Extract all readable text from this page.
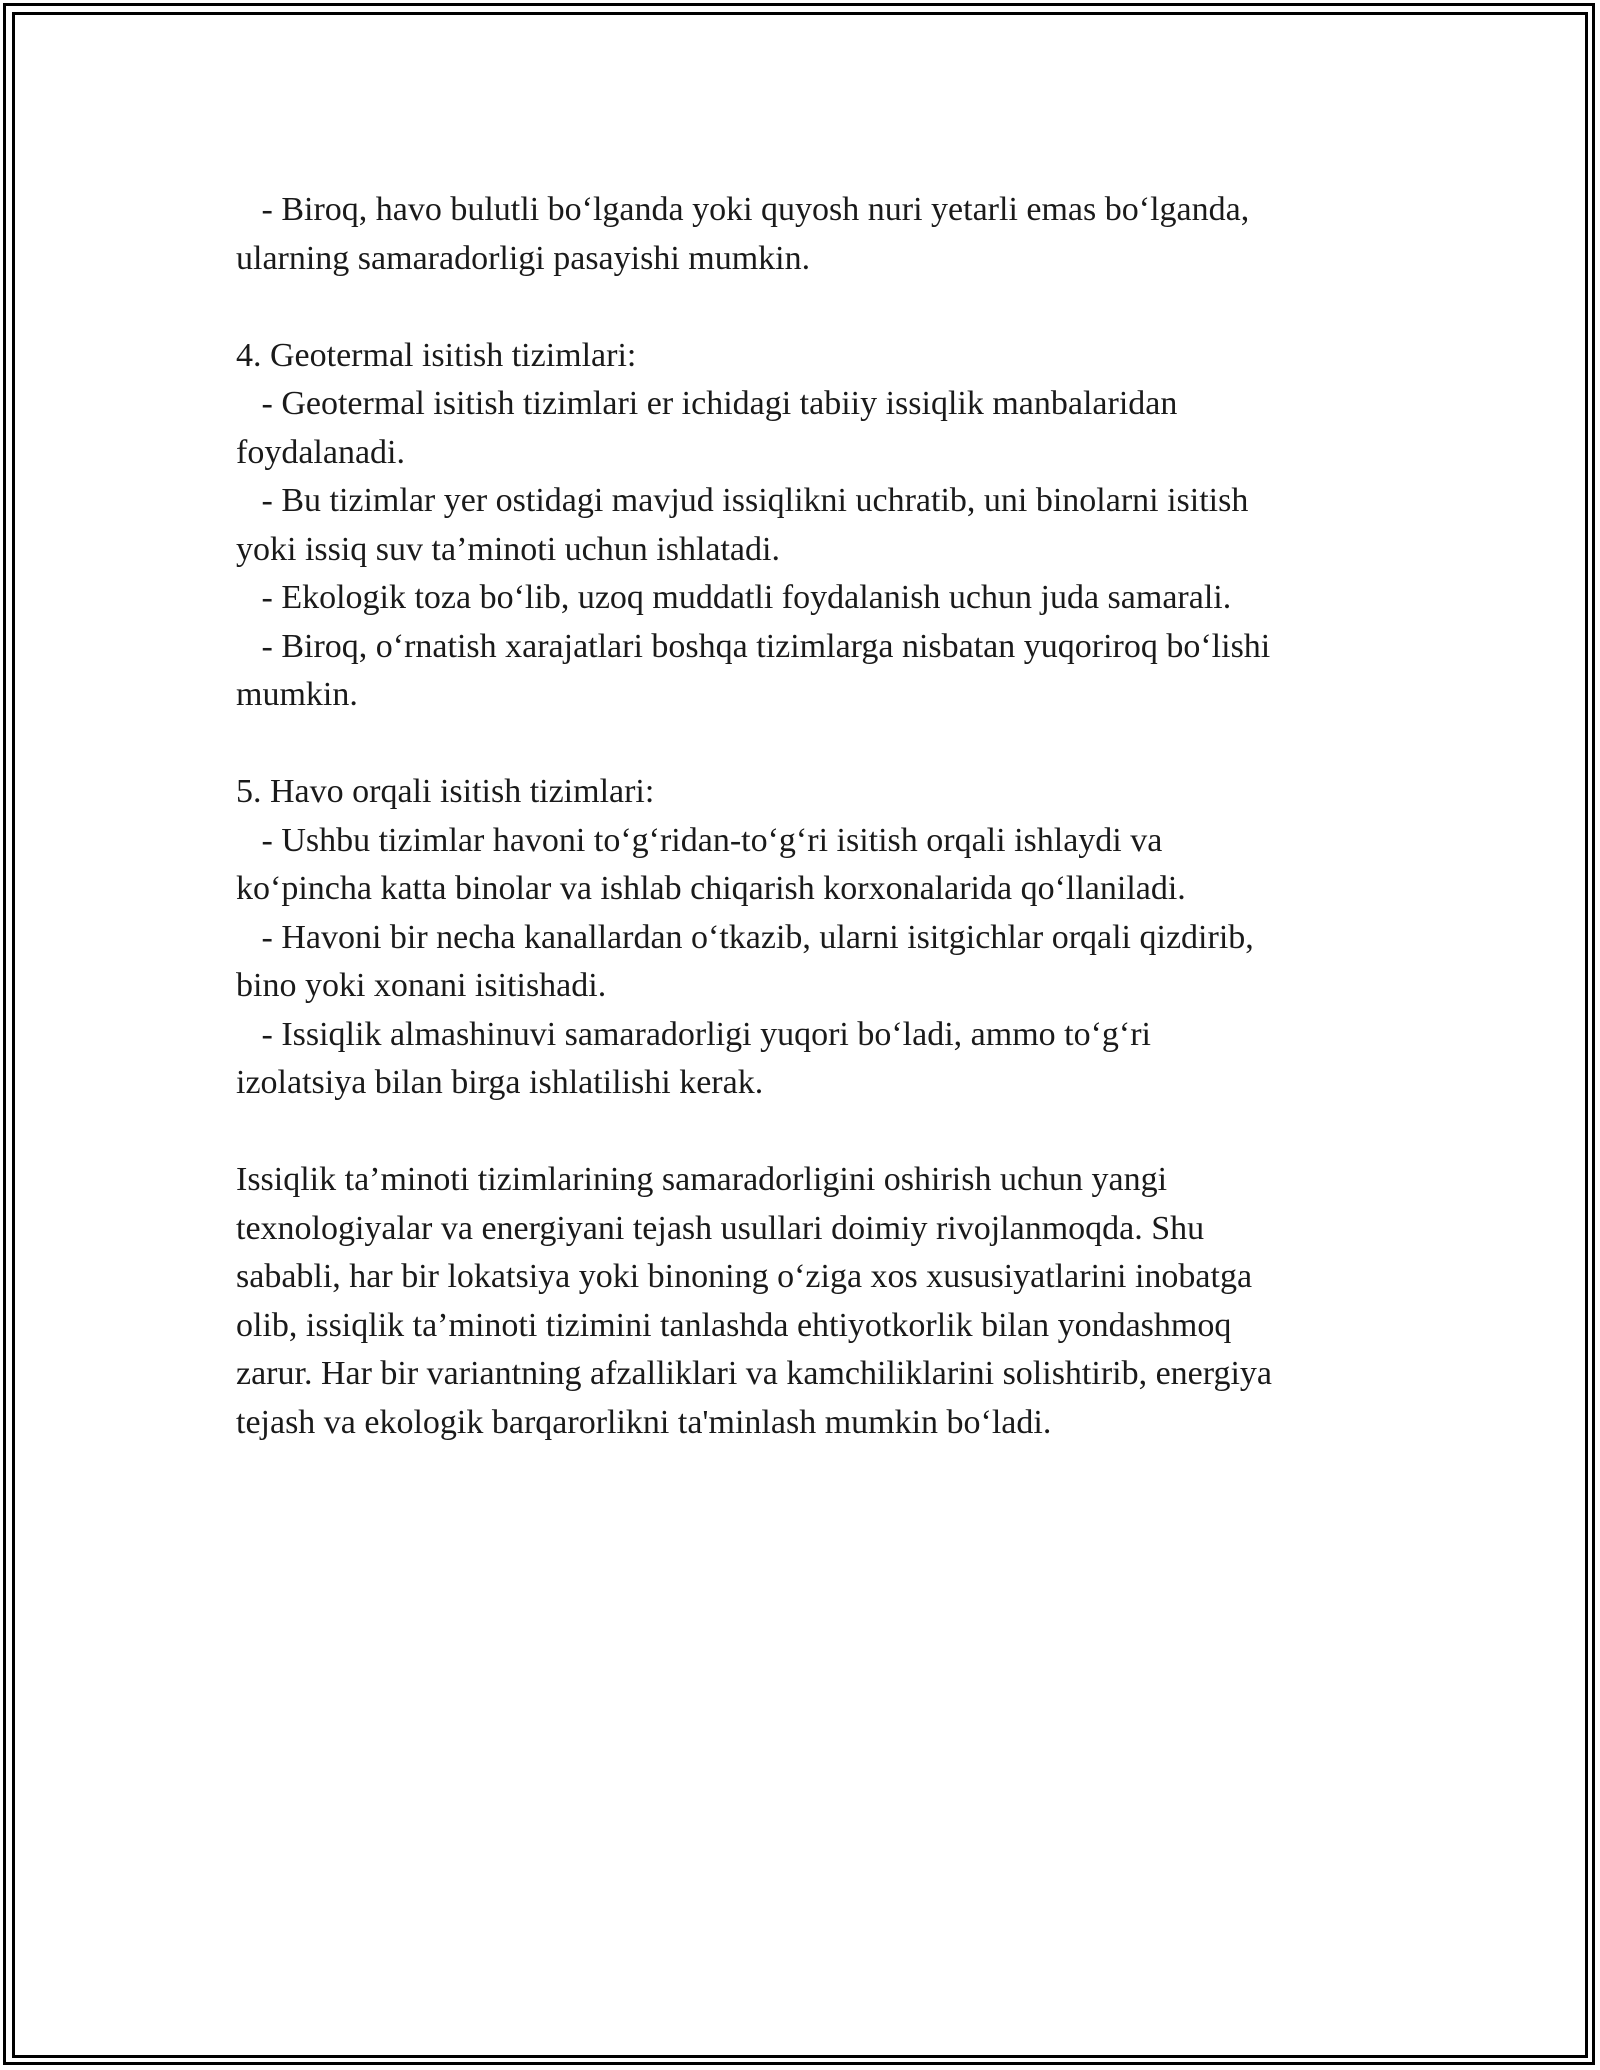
- Biroq, havo bulutli bo‘lganda yoki quyosh nuri yetarli emas bo‘lganda,
ularning samaradorligi pasayishi mumkin.
4. Geotermal isitish tizimlari:
- Geotermal isitish tizimlari er ichidagi tabiiy issiqlik manbalaridan
foydalanadi.
- Bu tizimlar yer ostidagi mavjud issiqlikni uchratib, uni binolarni isitish
yoki issiq suv ta’minoti uchun ishlatadi.
- Ekologik toza bo‘lib, uzoq muddatli foydalanish uchun juda samarali.
- Biroq, o‘rnatish xarajatlari boshqa tizimlarga nisbatan yuqoriroq bo‘lishi
mumkin.
5. Havo orqali isitish tizimlari:
- Ushbu tizimlar havoni to‘g‘ridan-to‘g‘ri isitish orqali ishlaydi va
ko‘pincha katta binolar va ishlab chiqarish korxonalarida qo‘llaniladi.
- Havoni bir necha kanallardan o‘tkazib, ularni isitgichlar orqali qizdirib,
bino yoki xonani isitishadi.
- Issiqlik almashinuvi samaradorligi yuqori bo‘ladi, ammo to‘g‘ri
izolatsiya bilan birga ishlatilishi kerak.
Issiqlik ta’minoti tizimlarining samaradorligini oshirish uchun yangi
texnologiyalar va energiyani tejash usullari doimiy rivojlanmoqda. Shu
sababli, har bir lokatsiya yoki binoning o‘ziga xos xususiyatlarini inobatga
olib, issiqlik ta’minoti tizimini tanlashda ehtiyotkorlik bilan yondashmoq
zarur. Har bir variantning afzalliklari va kamchiliklarini solishtirib, energiya
tejash va ekologik barqarorlikni ta'minlash mumkin bo‘ladi.
